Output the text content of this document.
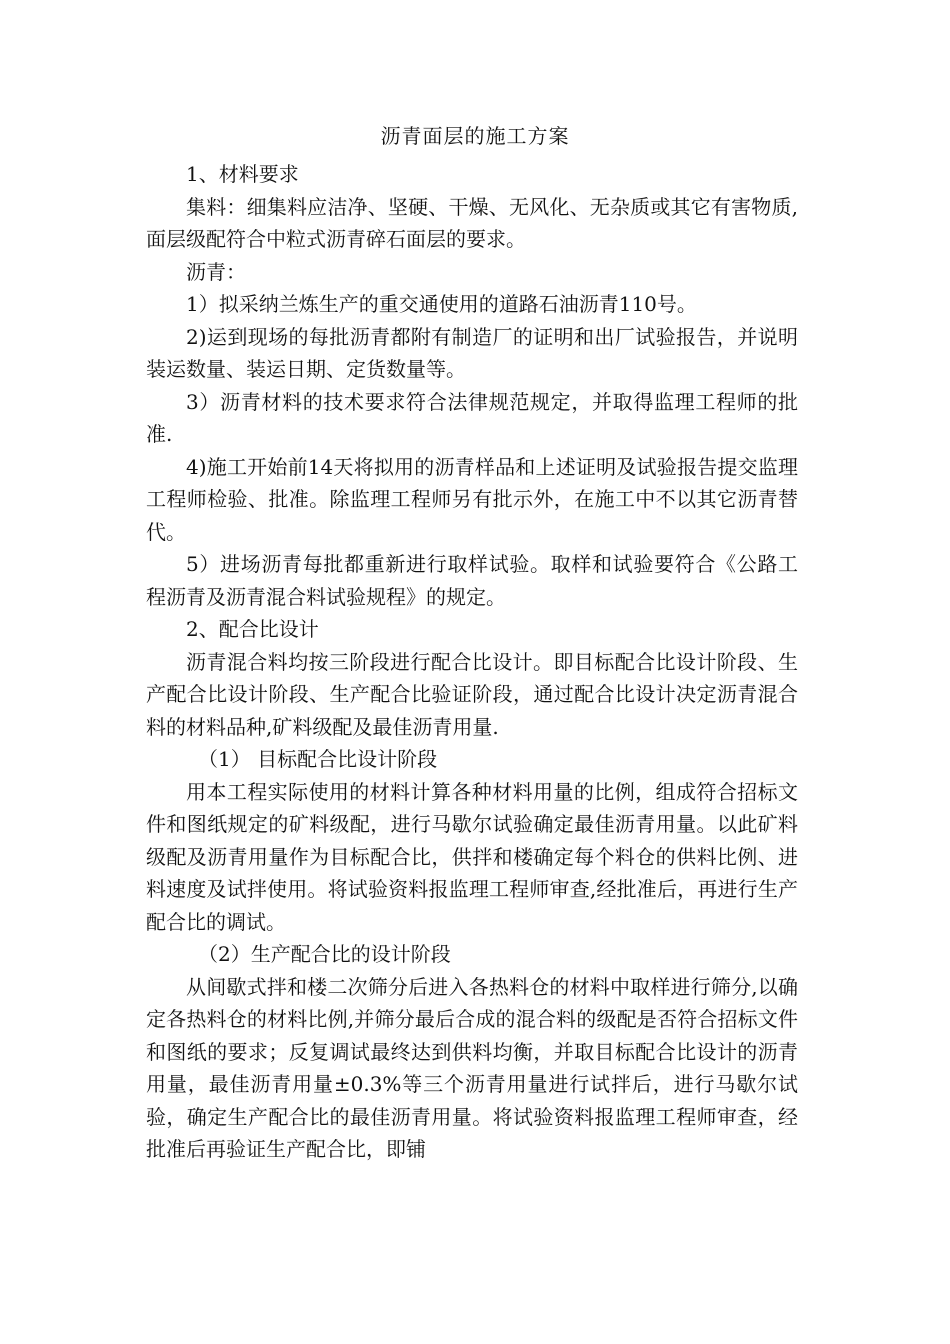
沥青面层的施工方案

1、材料要求

集料：细集料应洁净、坚硬、干燥、无风化、无杂质或其它有害物质,面层级配符合中粒式沥青碎石面层的要求。

沥青：

1）拟采纳兰炼生产的重交通使用的道路石油沥青110号。

2)运到现场的每批沥青都附有制造厂的证明和出厂试验报告，并说明装运数量、装运日期、定货数量等。

3）沥青材料的技术要求符合法律规范规定，并取得监理工程师的批准.

4)施工开始前14天将拟用的沥青样品和上述证明及试验报告提交监理工程师检验、批准。除监理工程师另有批示外，在施工中不以其它沥青替代。

5）进场沥青每批都重新进行取样试验。取样和试验要符合《公路工程沥青及沥青混合料试验规程》的规定。

2、配合比设计

沥青混合料均按三阶段进行配合比设计。即目标配合比设计阶段、生产配合比设计阶段、生产配合比验证阶段，通过配合比设计决定沥青混合料的材料品种,矿料级配及最佳沥青用量.

（1） 目标配合比设计阶段

用本工程实际使用的材料计算各种材料用量的比例，组成符合招标文件和图纸规定的矿料级配，进行马歇尔试验确定最佳沥青用量。以此矿料级配及沥青用量作为目标配合比，供拌和楼确定每个料仓的供料比例、进料速度及试拌使用。将试验资料报监理工程师审查,经批准后，再进行生产配合比的调试。

（2）生产配合比的设计阶段

从间歇式拌和楼二次筛分后进入各热料仓的材料中取样进行筛分,以确定各热料仓的材料比例,并筛分最后合成的混合料的级配是否符合招标文件和图纸的要求；反复调试最终达到供料均衡，并取目标配合比设计的沥青用量，最佳沥青用量±0.3%等三个沥青用量进行试拌后，进行马歇尔试验，确定生产配合比的最佳沥青用量。将试验资料报监理工程师审查，经批准后再验证生产配合比，即铺
